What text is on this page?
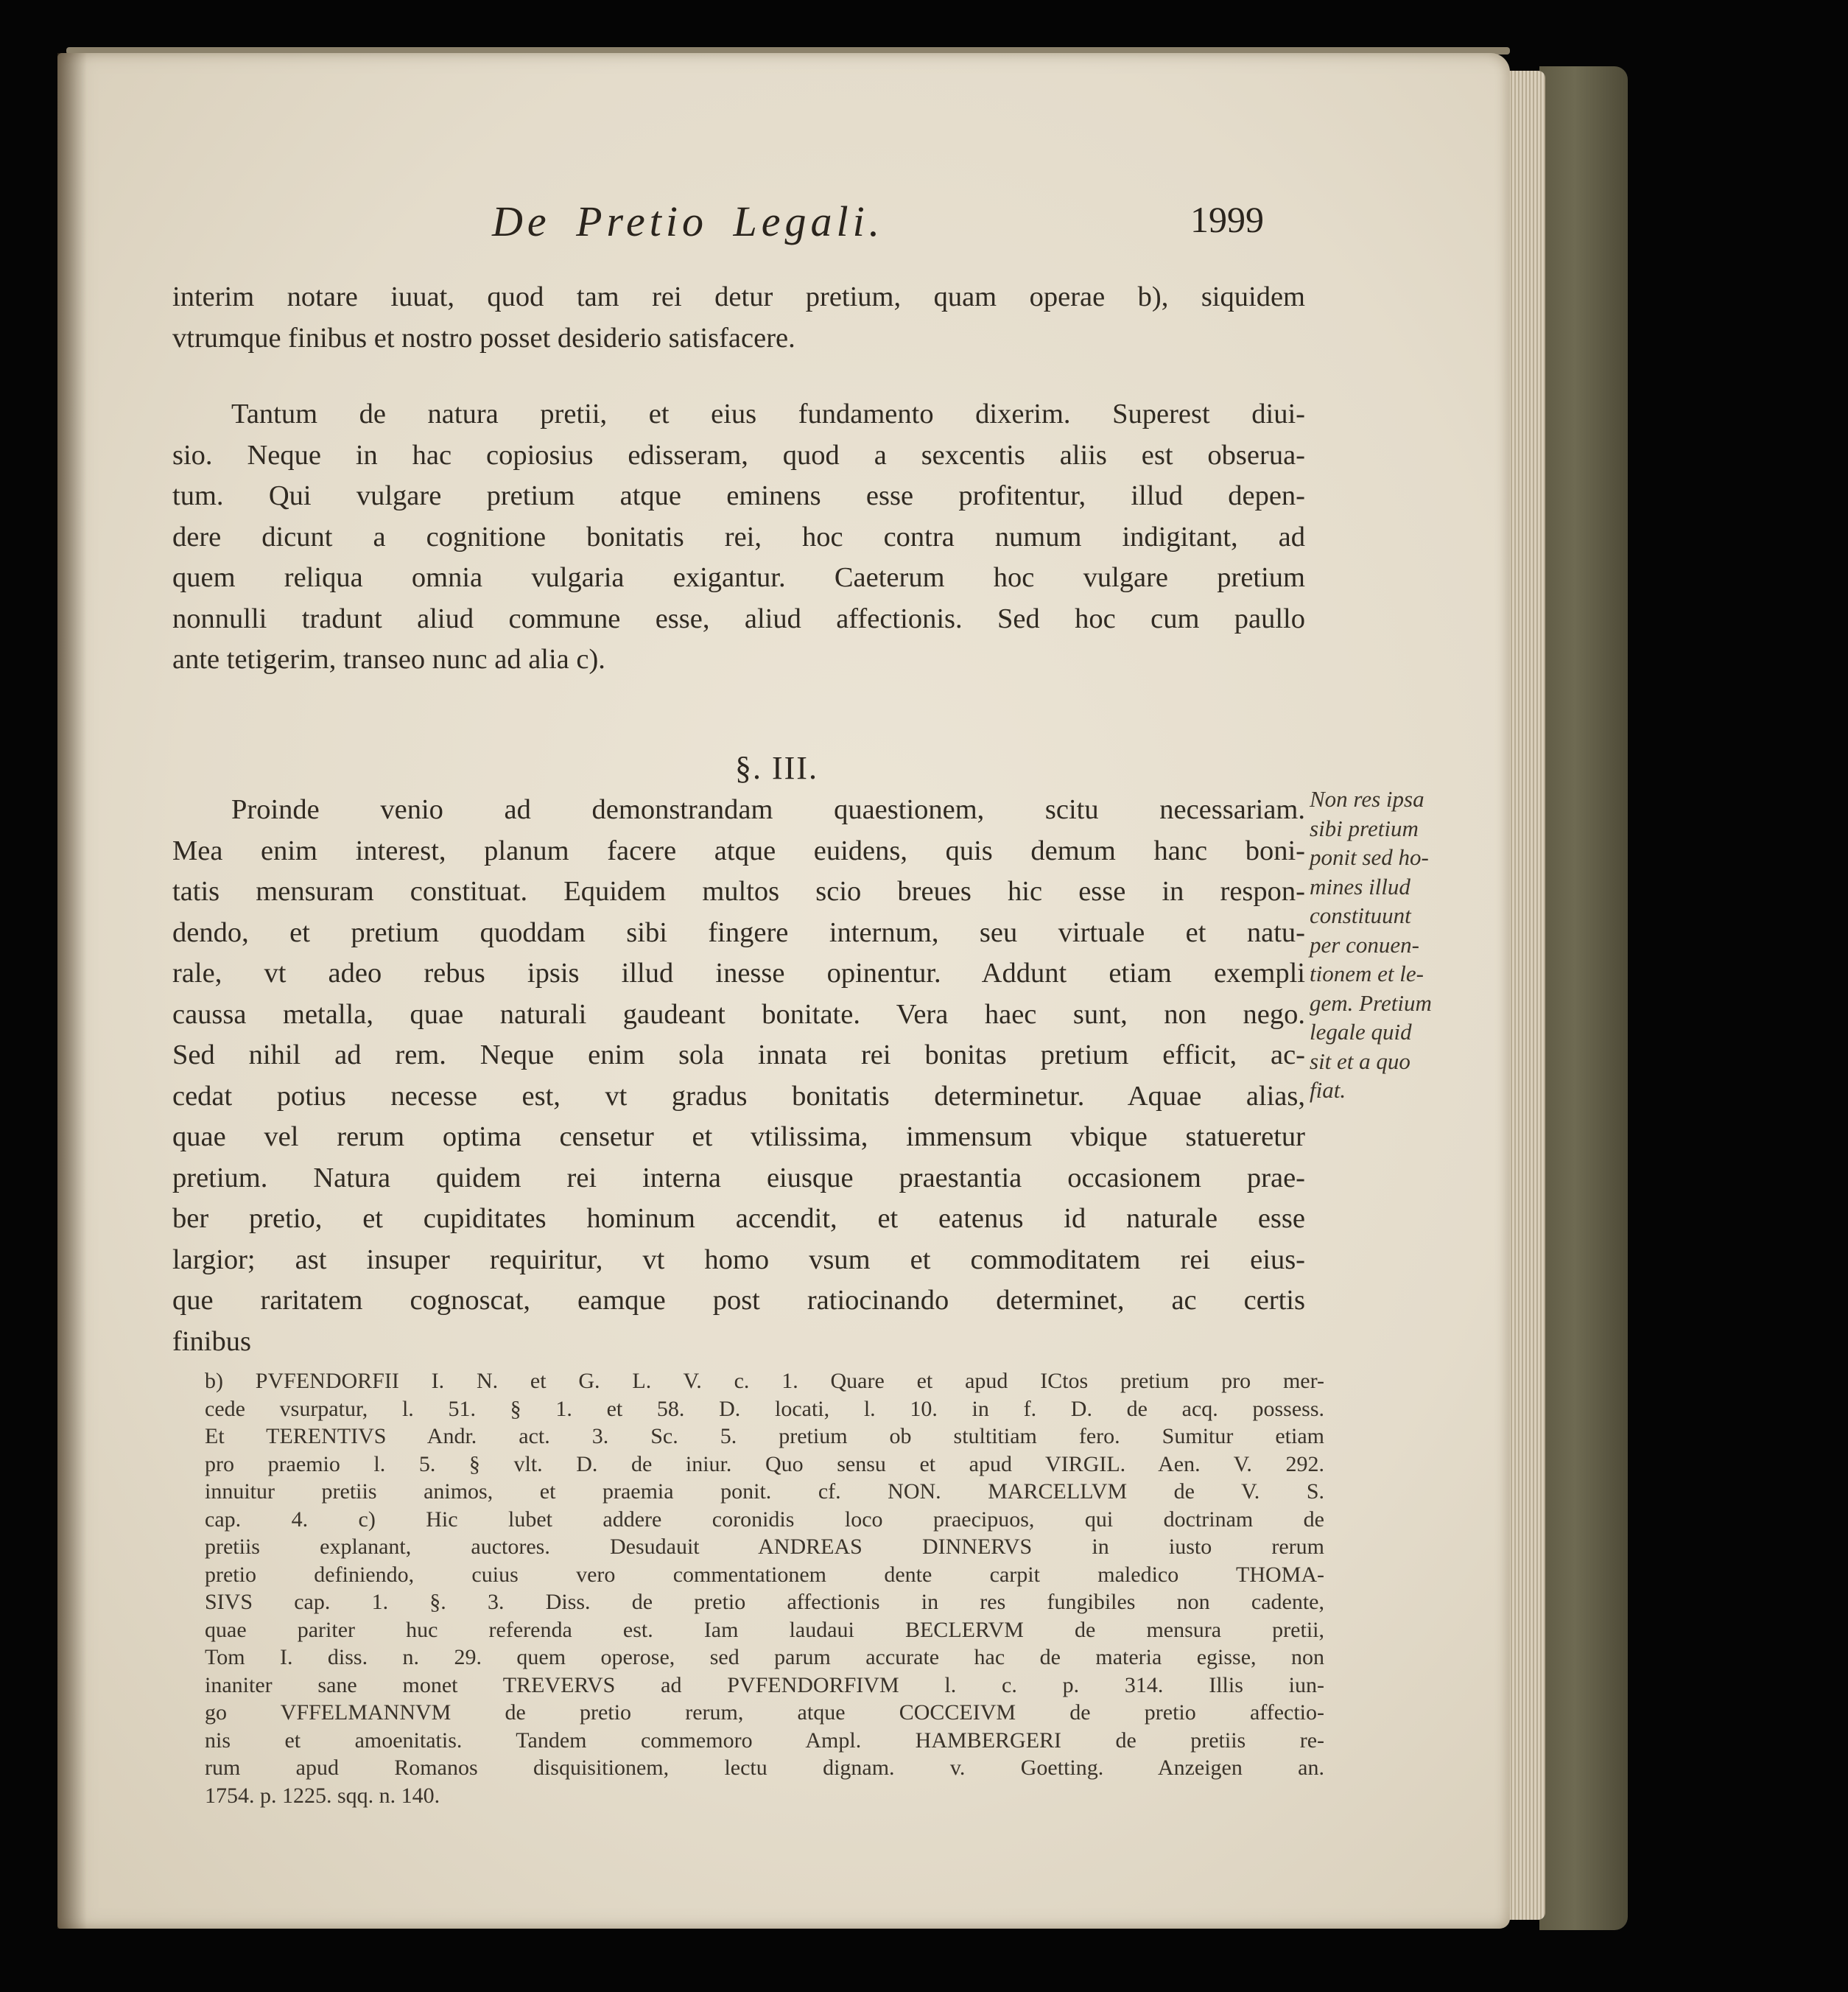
De Pretio Legali.	1999
interim notare iuuat, quod tam rei detur pretium, quam operae b), siquidem
vtrumque finibus et nostro posset desiderio satisfacere.
Tantum de natura pretii, et eius fundamento dixerim. Superest diui-
sio. Neque in hac copiosius edisseram, quod a sexcentis aliis est obserua-
tum. Qui vulgare pretium atque eminens esse profitentur, illud depen-
dere dicunt a cognitione bonitatis rei, hoc contra numum indigitant, ad
quem reliqua omnia vulgaria exigantur. Caeterum hoc vulgare pretium
nonnulli tradunt aliud commune esse, aliud affectionis. Sed hoc cum paullo
ante tetigerim, transeo nunc ad alia c).
§. III.
Proinde venio ad demonstrandam quaestionem, scitu necessariam.
Mea enim interest, planum facere atque euidens, quis demum hanc boni-
tatis mensuram constituat. Equidem multos scio breues hic esse in respon-
dendo, et pretium quoddam sibi fingere internum, seu virtuale et natu-
rale, vt adeo rebus ipsis illud inesse opinentur. Addunt etiam exempli
caussa metalla, quae naturali gaudeant bonitate. Vera haec sunt, non nego.
Sed nihil ad rem. Neque enim sola innata rei bonitas pretium efficit, ac-
cedat potius necesse est, vt gradus bonitatis determinetur. Aquae alias,
quae vel rerum optima censetur et vtilissima, immensum vbique statueretur
pretium. Natura quidem rei interna eiusque praestantia occasionem prae-
ber pretio, et cupiditates hominum accendit, et eatenus id naturale esse
largior; ast insuper requiritur, vt homo vsum et commoditatem rei eius-
que raritatem cognoscat, eamque post ratiocinando determinet, ac certis
finibus
Non res ipsa
sibi pretium
ponit sed ho-
mines illud
constituunt
per conuen-
tionem et le-
gem. Pretium
legale quid
sit et a quo
fiat.
b) PVFENDORFII I. N. et G. L. V. c. 1. Quare et apud ICtos pretium pro mer-
cede vsurpatur, l. 51. § 1. et 58. D. locati, l. 10. in f. D. de acq. possess.
Et TERENTIVS Andr. act. 3. Sc. 5. pretium ob stultitiam fero. Sumitur etiam
pro praemio l. 5. § vlt. D. de iniur. Quo sensu et apud VIRGIL. Aen. V. 292.
innuitur pretiis animos, et praemia ponit. cf. NON. MARCELLVM de V. S.
cap. 4. c) Hic lubet addere coronidis loco praecipuos, qui doctrinam de
pretiis explanant, auctores. Desudauit ANDREAS DINNERVS in iusto rerum
pretio definiendo, cuius vero commentationem dente carpit maledico THOMA-
SIVS cap. 1. §. 3. Diss. de pretio affectionis in res fungibiles non cadente,
quae pariter huc referenda est. Iam laudaui BECLERVM de mensura pretii,
Tom I. diss. n. 29. quem operose, sed parum accurate hac de materia egisse, non
inaniter sane monet TREVERVS ad PVFENDORFIVM l. c. p. 314. Illis iun-
go VFFELMANNVM de pretio rerum, atque COCCEIVM de pretio affectio-
nis et amoenitatis. Tandem commemoro Ampl. HAMBERGERI de pretiis re-
rum apud Romanos disquisitionem, lectu dignam. v. Goetting. Anzeigen an.
1754. p. 1225. sqq. n. 140.
